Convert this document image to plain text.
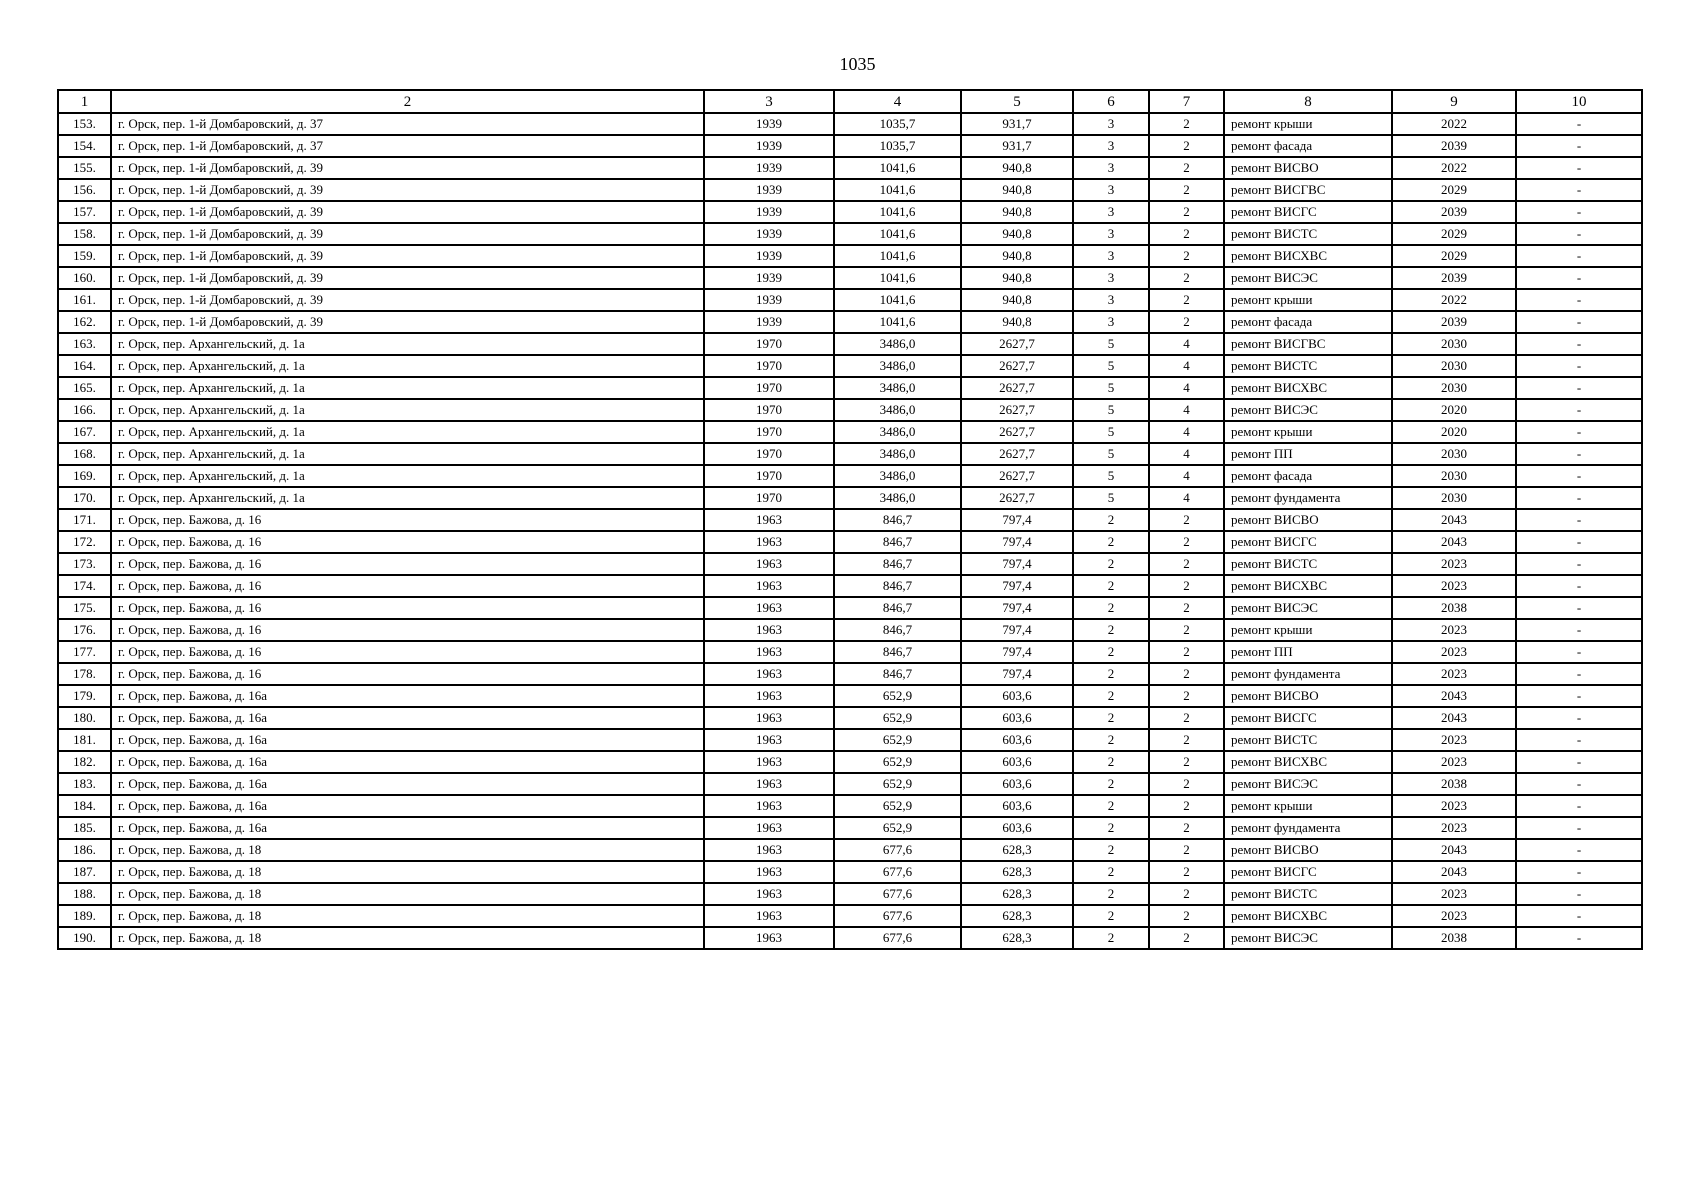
1035
1	2	3	4	5	6	7	8	9	10
153.	г. Орск, пер. 1-й Домбаровский, д. 37	1939	1035,7	931,7	3	2	ремонт крыши	2022	-
154.	г. Орск, пер. 1-й Домбаровский, д. 37	1939	1035,7	931,7	3	2	ремонт фасада	2039	-
155.	г. Орск, пер. 1-й Домбаровский, д. 39	1939	1041,6	940,8	3	2	ремонт ВИСВО	2022	-
156.	г. Орск, пер. 1-й Домбаровский, д. 39	1939	1041,6	940,8	3	2	ремонт ВИСГВС	2029	-
157.	г. Орск, пер. 1-й Домбаровский, д. 39	1939	1041,6	940,8	3	2	ремонт ВИСГС	2039	-
158.	г. Орск, пер. 1-й Домбаровский, д. 39	1939	1041,6	940,8	3	2	ремонт ВИСТС	2029	-
159.	г. Орск, пер. 1-й Домбаровский, д. 39	1939	1041,6	940,8	3	2	ремонт ВИСХВС	2029	-
160.	г. Орск, пер. 1-й Домбаровский, д. 39	1939	1041,6	940,8	3	2	ремонт ВИСЭС	2039	-
161.	г. Орск, пер. 1-й Домбаровский, д. 39	1939	1041,6	940,8	3	2	ремонт крыши	2022	-
162.	г. Орск, пер. 1-й Домбаровский, д. 39	1939	1041,6	940,8	3	2	ремонт фасада	2039	-
163.	г. Орск, пер. Архангельский, д. 1а	1970	3486,0	2627,7	5	4	ремонт ВИСГВС	2030	-
164.	г. Орск, пер. Архангельский, д. 1а	1970	3486,0	2627,7	5	4	ремонт ВИСТС	2030	-
165.	г. Орск, пер. Архангельский, д. 1а	1970	3486,0	2627,7	5	4	ремонт ВИСХВС	2030	-
166.	г. Орск, пер. Архангельский, д. 1а	1970	3486,0	2627,7	5	4	ремонт ВИСЭС	2020	-
167.	г. Орск, пер. Архангельский, д. 1а	1970	3486,0	2627,7	5	4	ремонт крыши	2020	-
168.	г. Орск, пер. Архангельский, д. 1а	1970	3486,0	2627,7	5	4	ремонт ПП	2030	-
169.	г. Орск, пер. Архангельский, д. 1а	1970	3486,0	2627,7	5	4	ремонт фасада	2030	-
170.	г. Орск, пер. Архангельский, д. 1а	1970	3486,0	2627,7	5	4	ремонт фундамента	2030	-
171.	г. Орск, пер. Бажова, д. 16	1963	846,7	797,4	2	2	ремонт ВИСВО	2043	-
172.	г. Орск, пер. Бажова, д. 16	1963	846,7	797,4	2	2	ремонт ВИСГС	2043	-
173.	г. Орск, пер. Бажова, д. 16	1963	846,7	797,4	2	2	ремонт ВИСТС	2023	-
174.	г. Орск, пер. Бажова, д. 16	1963	846,7	797,4	2	2	ремонт ВИСХВС	2023	-
175.	г. Орск, пер. Бажова, д. 16	1963	846,7	797,4	2	2	ремонт ВИСЭС	2038	-
176.	г. Орск, пер. Бажова, д. 16	1963	846,7	797,4	2	2	ремонт крыши	2023	-
177.	г. Орск, пер. Бажова, д. 16	1963	846,7	797,4	2	2	ремонт ПП	2023	-
178.	г. Орск, пер. Бажова, д. 16	1963	846,7	797,4	2	2	ремонт фундамента	2023	-
179.	г. Орск, пер. Бажова, д. 16а	1963	652,9	603,6	2	2	ремонт ВИСВО	2043	-
180.	г. Орск, пер. Бажова, д. 16а	1963	652,9	603,6	2	2	ремонт ВИСГС	2043	-
181.	г. Орск, пер. Бажова, д. 16а	1963	652,9	603,6	2	2	ремонт ВИСТС	2023	-
182.	г. Орск, пер. Бажова, д. 16а	1963	652,9	603,6	2	2	ремонт ВИСХВС	2023	-
183.	г. Орск, пер. Бажова, д. 16а	1963	652,9	603,6	2	2	ремонт ВИСЭС	2038	-
184.	г. Орск, пер. Бажова, д. 16а	1963	652,9	603,6	2	2	ремонт крыши	2023	-
185.	г. Орск, пер. Бажова, д. 16а	1963	652,9	603,6	2	2	ремонт фундамента	2023	-
186.	г. Орск, пер. Бажова, д. 18	1963	677,6	628,3	2	2	ремонт ВИСВО	2043	-
187.	г. Орск, пер. Бажова, д. 18	1963	677,6	628,3	2	2	ремонт ВИСГС	2043	-
188.	г. Орск, пер. Бажова, д. 18	1963	677,6	628,3	2	2	ремонт ВИСТС	2023	-
189.	г. Орск, пер. Бажова, д. 18	1963	677,6	628,3	2	2	ремонт ВИСХВС	2023	-
190.	г. Орск, пер. Бажова, д. 18	1963	677,6	628,3	2	2	ремонт ВИСЭС	2038	-
